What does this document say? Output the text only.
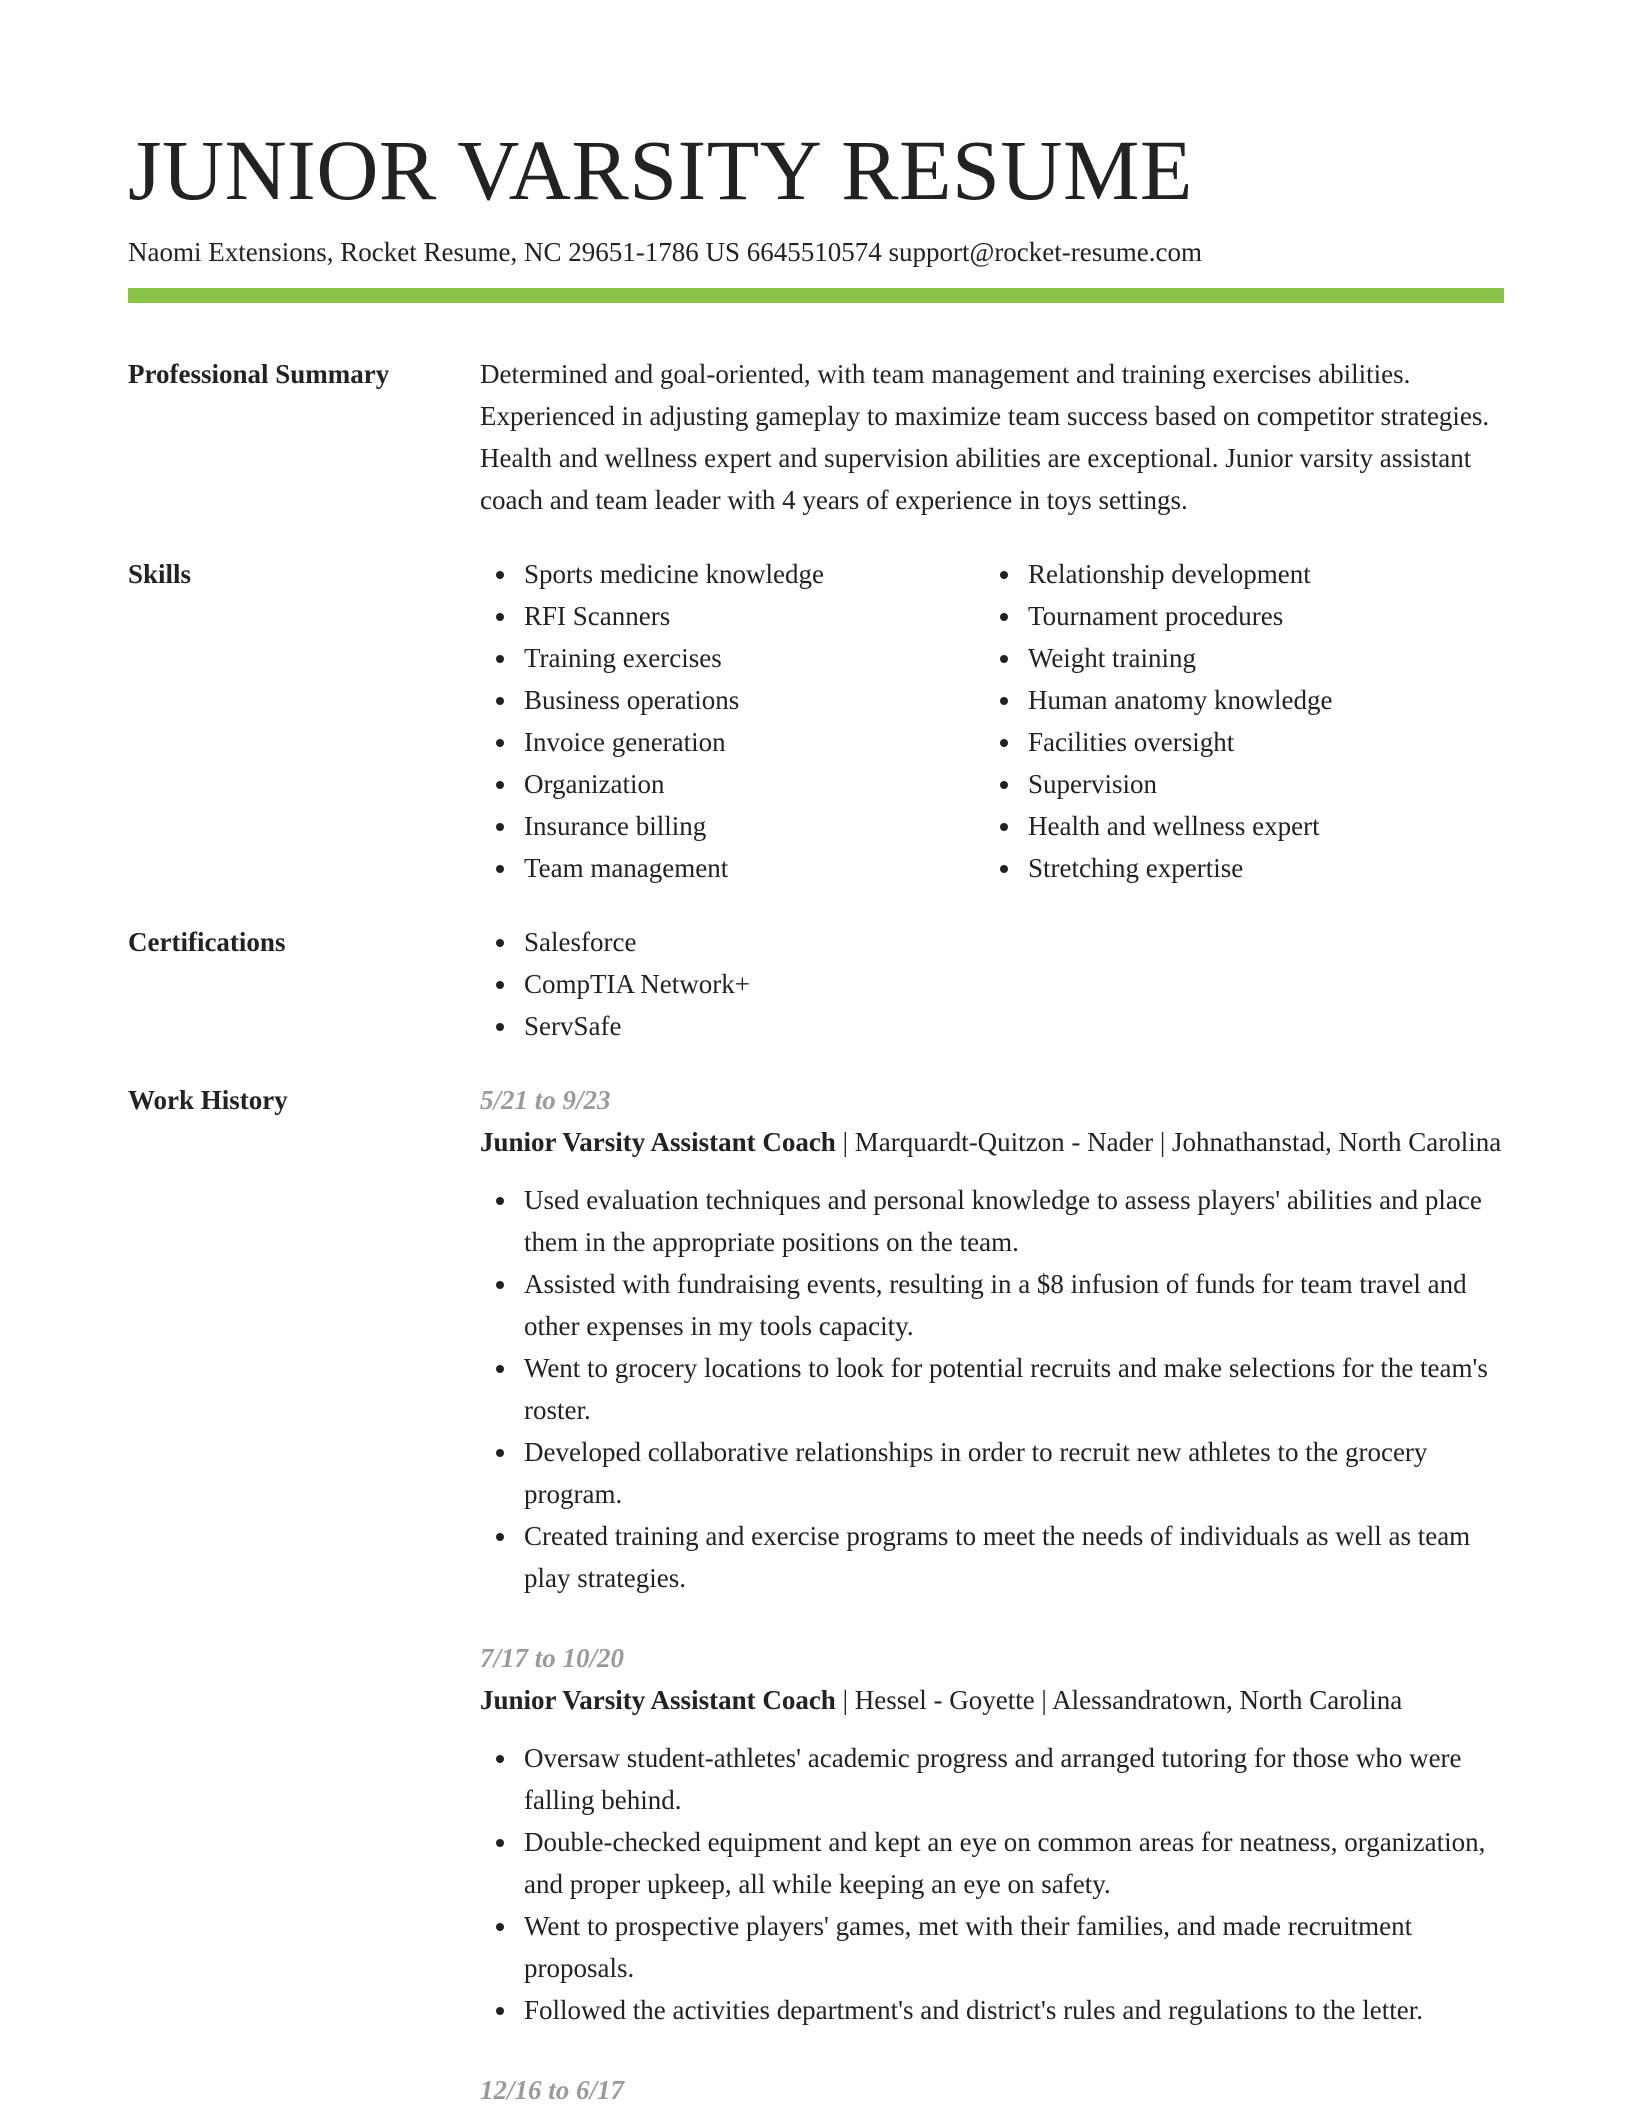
JUNIOR VARSITY RESUME
Naomi Extensions, Rocket Resume, NC 29651-1786 US 6645510574 support@rocket-resume.com
Professional Summary	Determined and goal-oriented, with team management and training exercises abilities. Experienced in adjusting gameplay to maximize team success based on competitor strategies. Health and wellness expert and supervision abilities are exceptional. Junior varsity assistant coach and team leader with 4 years of experience in toys settings.
Skills	Sports medicine knowledge
RFI Scanners
Training exercises
Business operations
Invoice generation
Organization
Insurance billing
Team management
Relationship development
Tournament procedures
Weight training
Human anatomy knowledge
Facilities oversight
Supervision
Health and wellness expert
Stretching expertise
Certifications	Salesforce
CompTIA Network+
ServSafe
Work History	5/21 to 9/23
Junior Varsity Assistant Coach | Marquardt-Quitzon - Nader | Johnathanstad, North Carolina
Used evaluation techniques and personal knowledge to assess players' abilities and place them in the appropriate positions on the team.
Assisted with fundraising events, resulting in a $8 infusion of funds for team travel and other expenses in my tools capacity.
Went to grocery locations to look for potential recruits and make selections for the team's roster.
Developed collaborative relationships in order to recruit new athletes to the grocery program.
Created training and exercise programs to meet the needs of individuals as well as team play strategies.
7/17 to 10/20
Junior Varsity Assistant Coach | Hessel - Goyette | Alessandratown, North Carolina
Oversaw student-athletes' academic progress and arranged tutoring for those who were falling behind.
Double-checked equipment and kept an eye on common areas for neatness, organization, and proper upkeep, all while keeping an eye on safety.
Went to prospective players' games, met with their families, and made recruitment proposals.
Followed the activities department's and district's rules and regulations to the letter.
12/16 to 6/17
